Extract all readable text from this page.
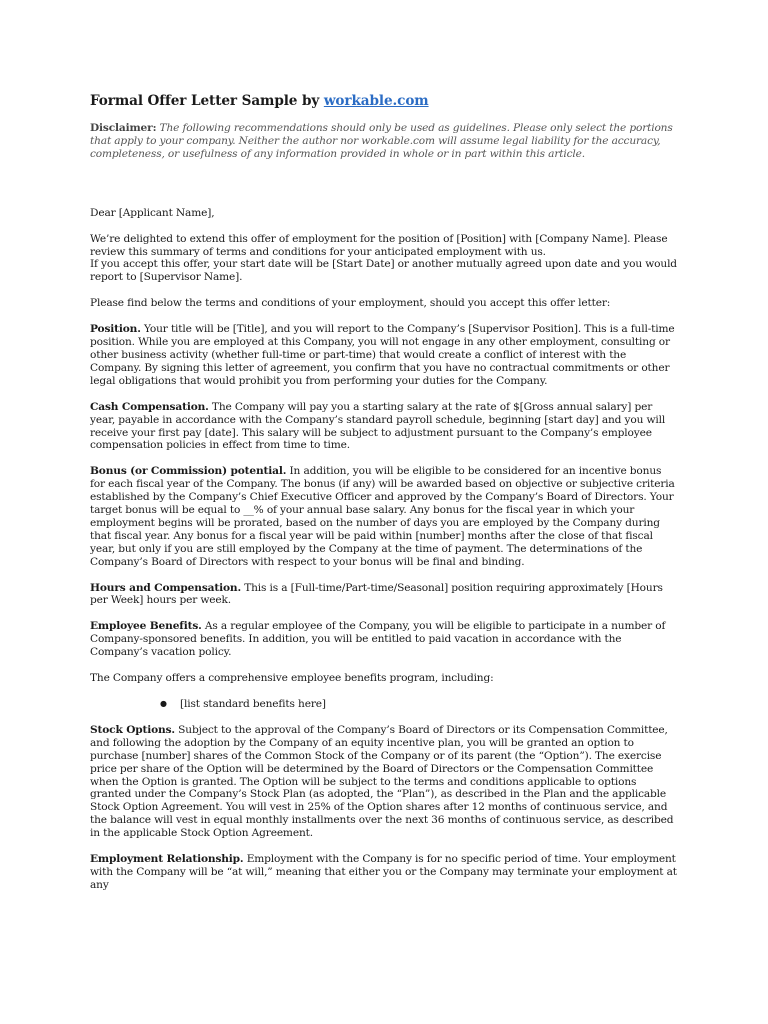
Formal Offer Letter Sample by workable.com

Disclaimer: The following recommendations should only be used as guidelines. Please only select the portions that apply to your company. Neither the author nor workable.com will assume legal liability for the accuracy, completeness, or usefulness of any information provided in whole or in part within this article.

Dear [Applicant Name],

We’re delighted to extend this offer of employment for the position of [Position] with [Company Name]. Please review this summary of terms and conditions for your anticipated employment with us.

If you accept this offer, your start date will be [Start Date] or another mutually agreed upon date and you would report to [Supervisor Name].

Please find below the terms and conditions of your employment, should you accept this offer letter:

Position. Your title will be [Title], and you will report to the Company’s [Supervisor Position]. This is a full-time position. While you are employed at this Company, you will not engage in any other employment, consulting or other business activity (whether full-time or part-time) that would create a conflict of interest with the Company. By signing this letter of agreement, you confirm that you have no contractual commitments or other legal obligations that would prohibit you from performing your duties for the Company.

Cash Compensation. The Company will pay you a starting salary at the rate of $[Gross annual salary] per year, payable in accordance with the Company’s standard payroll schedule, beginning [start day] and you will receive your first pay [date]. This salary will be subject to adjustment pursuant to the Company’s employee compensation policies in effect from time to time.

Bonus (or Commission) potential. In addition, you will be eligible to be considered for an incentive bonus for each fiscal year of the Company. The bonus (if any) will be awarded based on objective or subjective criteria established by the Company’s Chief Executive Officer and approved by the Company’s Board of Directors. Your target bonus will be equal to __% of your annual base salary. Any bonus for the fiscal year in which your employment begins will be prorated, based on the number of days you are employed by the Company during that fiscal year. Any bonus for a fiscal year will be paid within [number] months after the close of that fiscal year, but only if you are still employed by the Company at the time of payment. The determinations of the Company’s Board of Directors with respect to your bonus will be final and binding.

Hours and Compensation. This is a [Full-time/Part-time/Seasonal] position requiring approximately [Hours per Week] hours per week.

Employee Benefits. As a regular employee of the Company, you will be eligible to participate in a number of Company-sponsored benefits. In addition, you will be entitled to paid vacation in accordance with the Company’s vacation policy.

The Company offers a comprehensive employee benefits program, including:

● [list standard benefits here]

Stock Options. Subject to the approval of the Company’s Board of Directors or its Compensation Committee, and following the adoption by the Company of an equity incentive plan, you will be granted an option to purchase [number] shares of the Common Stock of the Company or of its parent (the “Option”). The exercise price per share of the Option will be determined by the Board of Directors or the Compensation Committee when the Option is granted. The Option will be subject to the terms and conditions applicable to options granted under the Company’s Stock Plan (as adopted, the “Plan”), as described in the Plan and the applicable Stock Option Agreement. You will vest in 25% of the Option shares after 12 months of continuous service, and the balance will vest in equal monthly installments over the next 36 months of continuous service, as described in the applicable Stock Option Agreement.

Employment Relationship. Employment with the Company is for no specific period of time. Your employment with the Company will be “at will,” meaning that either you or the Company may terminate your employment at any
